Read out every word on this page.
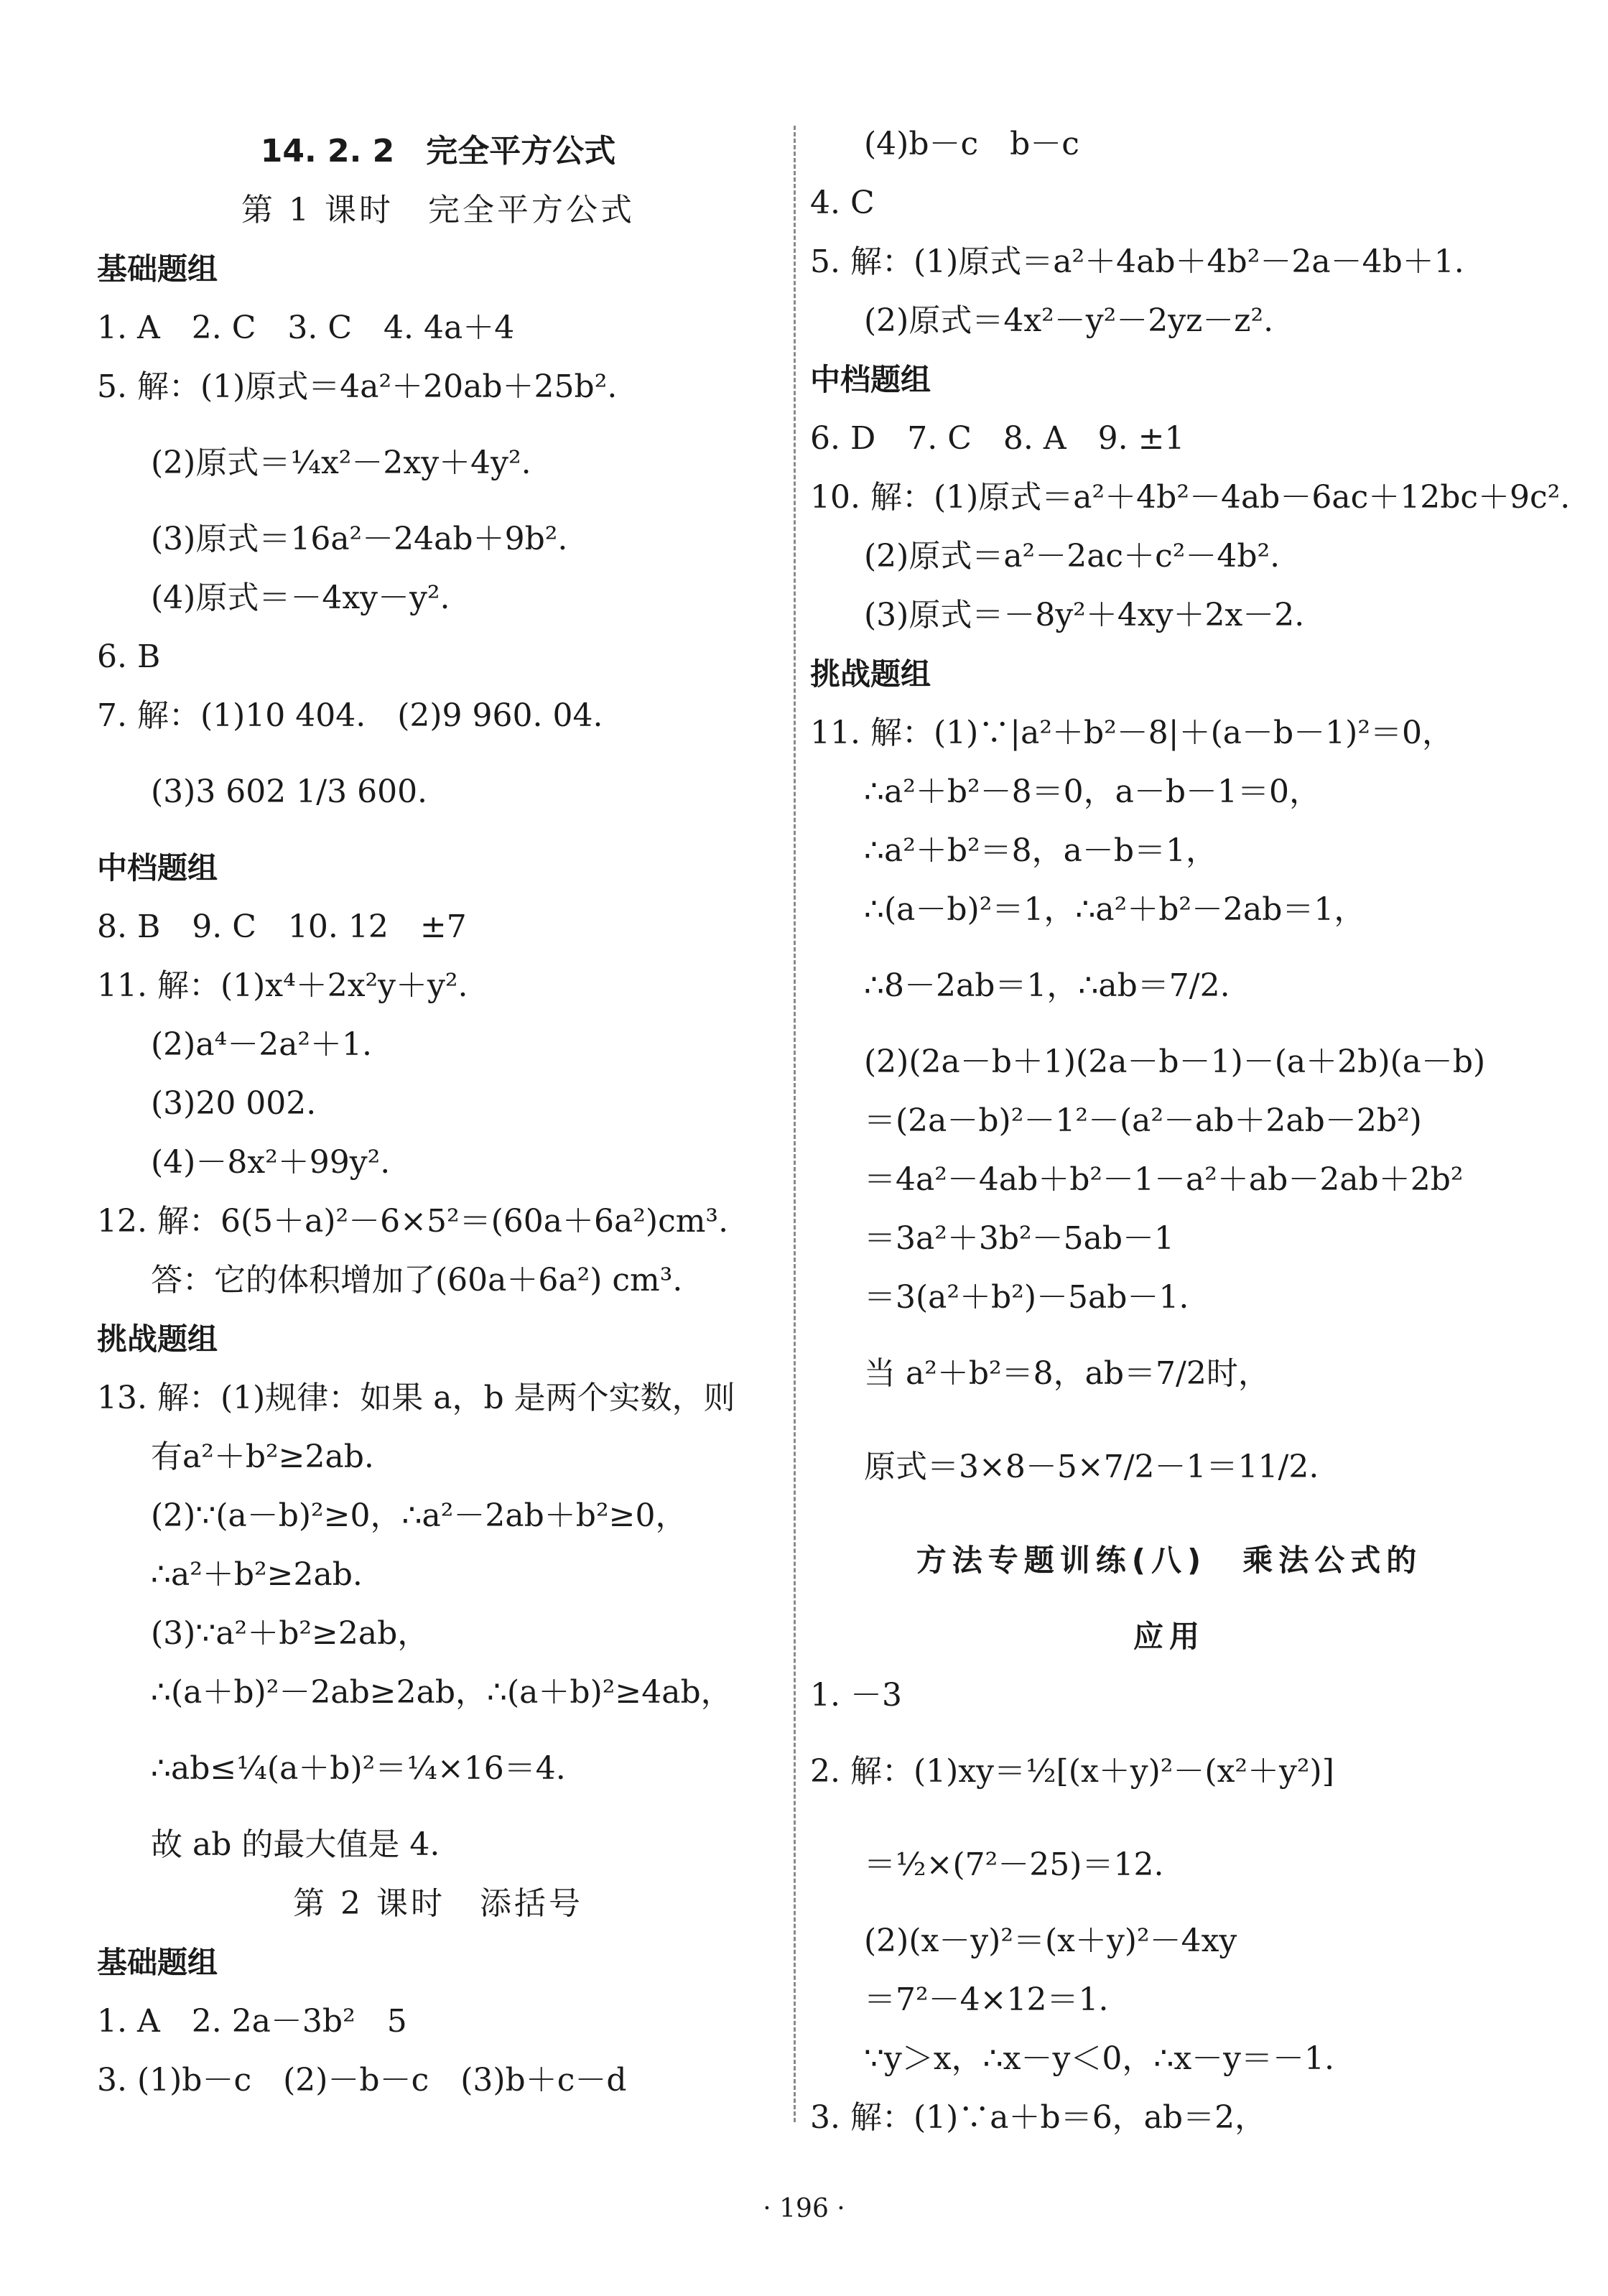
14. 2. 2　完全平方公式
第 1 课时　完全平方公式
基础题组
1. A　2. C　3. C　4. 4a＋4
5. 解：(1)原式＝4a²＋20ab＋25b².
(2)原式＝¼x²－2xy＋4y².
(3)原式＝16a²－24ab＋9b².
(4)原式＝－4xy－y².
6. B
7. 解：(1)10 404.　(2)9 960. 04.
(3)3 602 1/3 600.
中档题组
8. B　9. C　10. 12　±7
11. 解：(1)x⁴＋2x²y＋y².
(2)a⁴－2a²＋1.
(3)20 002.
(4)－8x²＋99y².
12. 解：6(5＋a)²－6×5²＝(60a＋6a²)cm³.
答：它的体积增加了(60a＋6a²) cm³.
挑战题组
13. 解：(1)规律：如果 a，b 是两个实数，则
有a²＋b²≥2ab.
(2)∵(a－b)²≥0，∴a²－2ab＋b²≥0，
∴a²＋b²≥2ab.
(3)∵a²＋b²≥2ab，
∴(a＋b)²－2ab≥2ab，∴(a＋b)²≥4ab，
∴ab≤¼(a＋b)²＝¼×16＝4.
故 ab 的最大值是 4.
第 2 课时　添括号
基础题组
1. A　2. 2a－3b²　5
3. (1)b－c　(2)－b－c　(3)b＋c－d
(4)b－c　b－c
4. C
5. 解：(1)原式＝a²＋4ab＋4b²－2a－4b＋1.
(2)原式＝4x²－y²－2yz－z².
中档题组
6. D　7. C　8. A　9. ±1
10. 解：(1)原式＝a²＋4b²－4ab－6ac＋12bc＋9c².
(2)原式＝a²－2ac＋c²－4b².
(3)原式＝－8y²＋4xy＋2x－2.
挑战题组
11. 解：(1)∵|a²＋b²－8|＋(a－b－1)²＝0，
∴a²＋b²－8＝0，a－b－1＝0，
∴a²＋b²＝8，a－b＝1，
∴(a－b)²＝1，∴a²＋b²－2ab＝1，
∴8－2ab＝1，∴ab＝7/2.
(2)(2a－b＋1)(2a－b－1)－(a＋2b)(a－b)
＝(2a－b)²－1²－(a²－ab＋2ab－2b²)
＝4a²－4ab＋b²－1－a²＋ab－2ab＋2b²
＝3a²＋3b²－5ab－1
＝3(a²＋b²)－5ab－1.
当 a²＋b²＝8，ab＝7/2时，
原式＝3×8－5×7/2－1＝11/2.
方法专题训练(八)　乘法公式的
应用
1. －3
2. 解：(1)xy＝½[(x＋y)²－(x²＋y²)]
＝½×(7²－25)＝12.
(2)(x－y)²＝(x＋y)²－4xy
＝7²－4×12＝1.
∵y＞x，∴x－y＜0，∴x－y＝－1.
3. 解：(1)∵a＋b＝6，ab＝2，
· 196 ·
